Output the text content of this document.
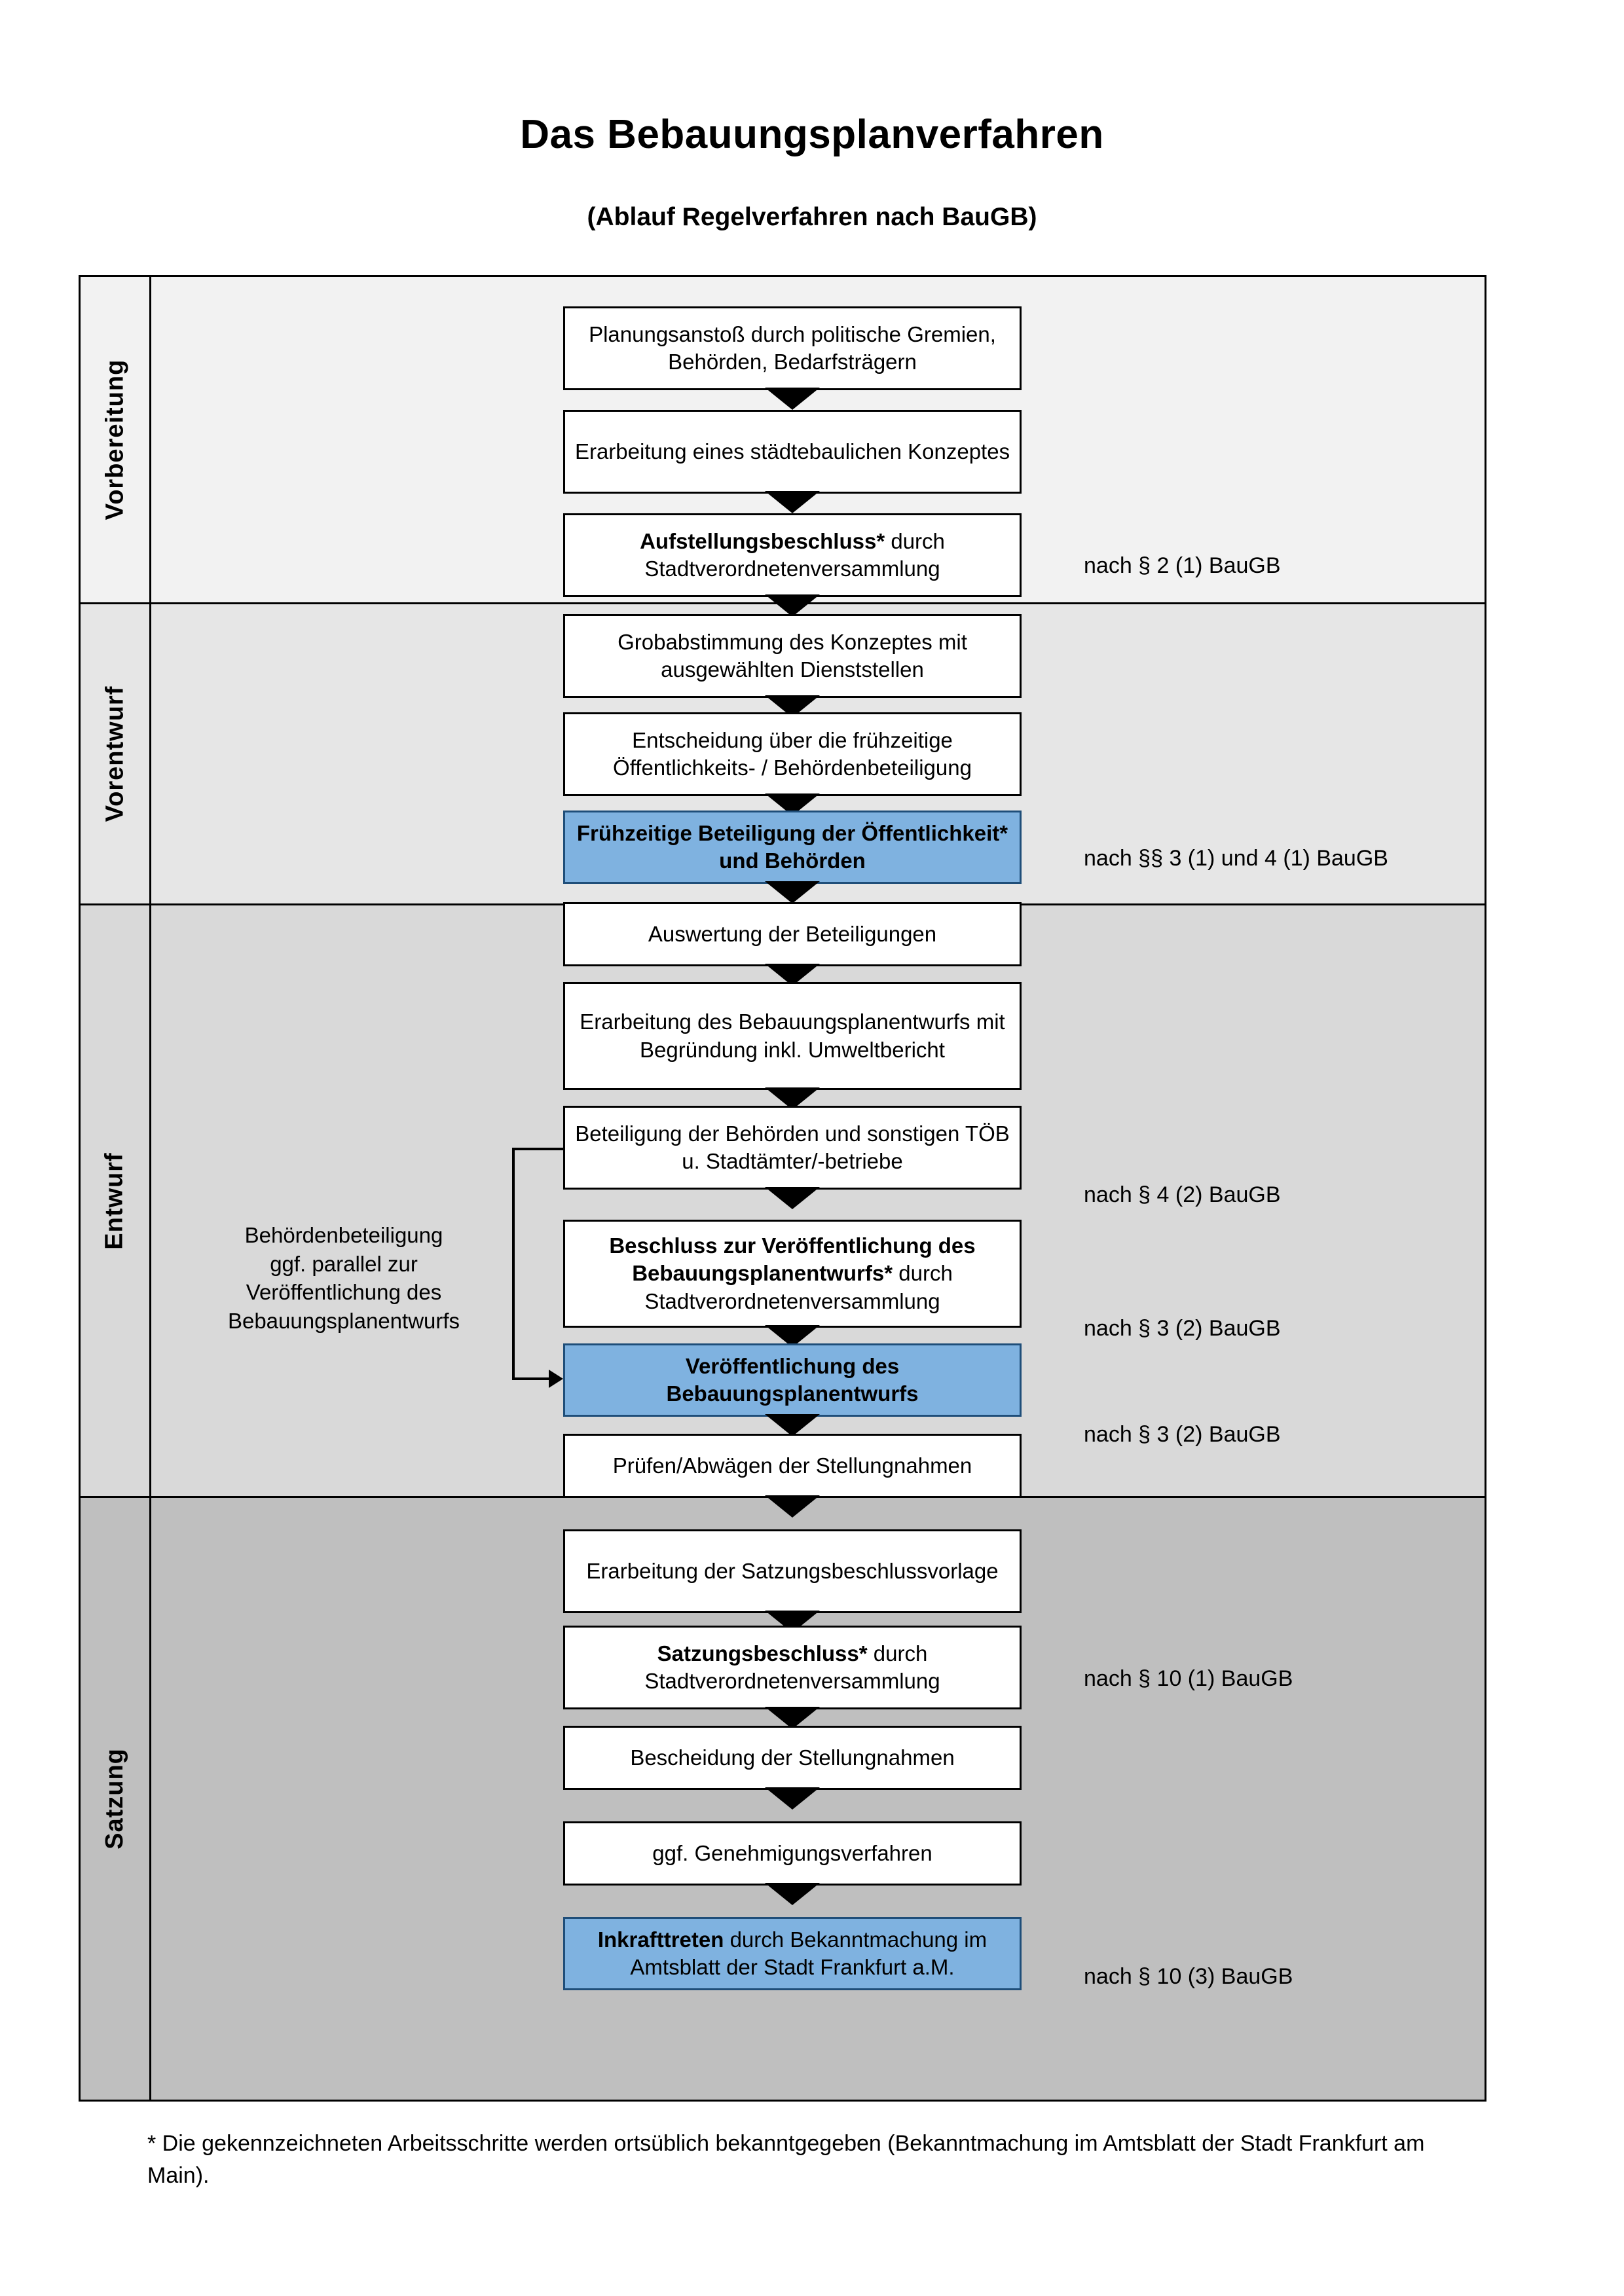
Das Bebauungsplanverfahren
(Ablauf Regelverfahren nach BauGB)
Vorbereitung
Vorentwurf
Entwurf
Satzung
Planungsanstoß durch politische Gremien, Behörden, Bedarfsträgern
Erarbeitung eines städtebaulichen Konzeptes
Aufstellungsbeschluss* durch Stadtverordnetenversammlung
Grobabstimmung des Konzeptes mit ausgewählten Dienststellen
Entscheidung über die frühzeitige Öffentlichkeits- / Behördenbeteiligung
Frühzeitige Beteiligung der Öffentlichkeit* und Behörden
Auswertung der Beteiligungen
Erarbeitung des Bebauungsplanentwurfs mit Begründung inkl. Umweltbericht
Beteiligung der Behörden und sonstigen TÖB u. Stadtämter/-betriebe
Beschluss zur Veröffentlichung des Bebauungsplanentwurfs* durch Stadtverordnetenversammlung
Veröffentlichung des Bebauungsplanentwurfs
Prüfen/Abwägen der Stellungnahmen
Erarbeitung der Satzungsbeschlussvorlage
Satzungsbeschluss* durch Stadtverordnetenversammlung
Bescheidung der Stellungnahmen
ggf. Genehmigungsverfahren
Inkrafttreten durch Bekanntmachung im Amtsblatt der Stadt Frankfurt a.M.
Behördenbeteiligung
ggf. parallel zur
Veröffentlichung des
Bebauungsplanentwurfs
nach § 2 (1) BauGB
nach §§ 3 (1) und 4 (1) BauGB
nach § 4 (2) BauGB
nach § 3 (2) BauGB
nach § 3 (2) BauGB
nach § 10 (1) BauGB
nach § 10 (3) BauGB
* Die gekennzeichneten Arbeitsschritte werden ortsüblich bekanntgegeben (Bekanntmachung im Amtsblatt der Stadt Frankfurt am Main).
